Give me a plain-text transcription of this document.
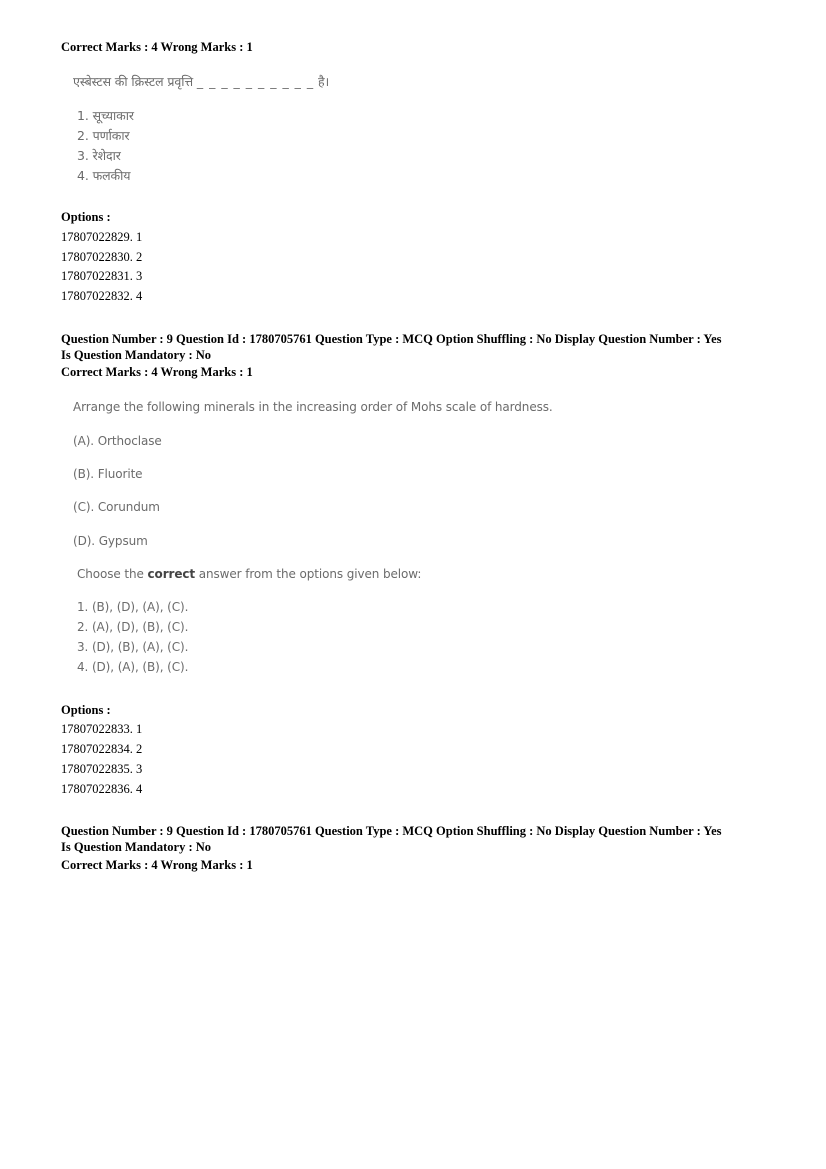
Correct Marks : 4 Wrong Marks : 1
एस्बेस्टस की क्रिस्टल प्रवृत्ति _ _ _ _ _ _ _ _ _ _ है।
1. सूच्याकार
2. पर्णाकार
3. रेशेदार
4. फलकीय
Options :
17807022829. 1
17807022830. 2
17807022831. 3
17807022832. 4
Question Number : 9 Question Id : 1780705761 Question Type : MCQ Option Shuffling : No Display Question Number : Yes
Is Question Mandatory : No
Correct Marks : 4 Wrong Marks : 1
Arrange the following minerals in the increasing order of Mohs scale of hardness.
(A). Orthoclase
(B). Fluorite
(C). Corundum
(D). Gypsum
Choose the correct answer from the options given below:
1. (B), (D), (A), (C).
2. (A), (D), (B), (C).
3. (D), (B), (A), (C).
4. (D), (A), (B), (C).
Options :
17807022833. 1
17807022834. 2
17807022835. 3
17807022836. 4
Question Number : 9 Question Id : 1780705761 Question Type : MCQ Option Shuffling : No Display Question Number : Yes
Is Question Mandatory : No
Correct Marks : 4 Wrong Marks : 1
